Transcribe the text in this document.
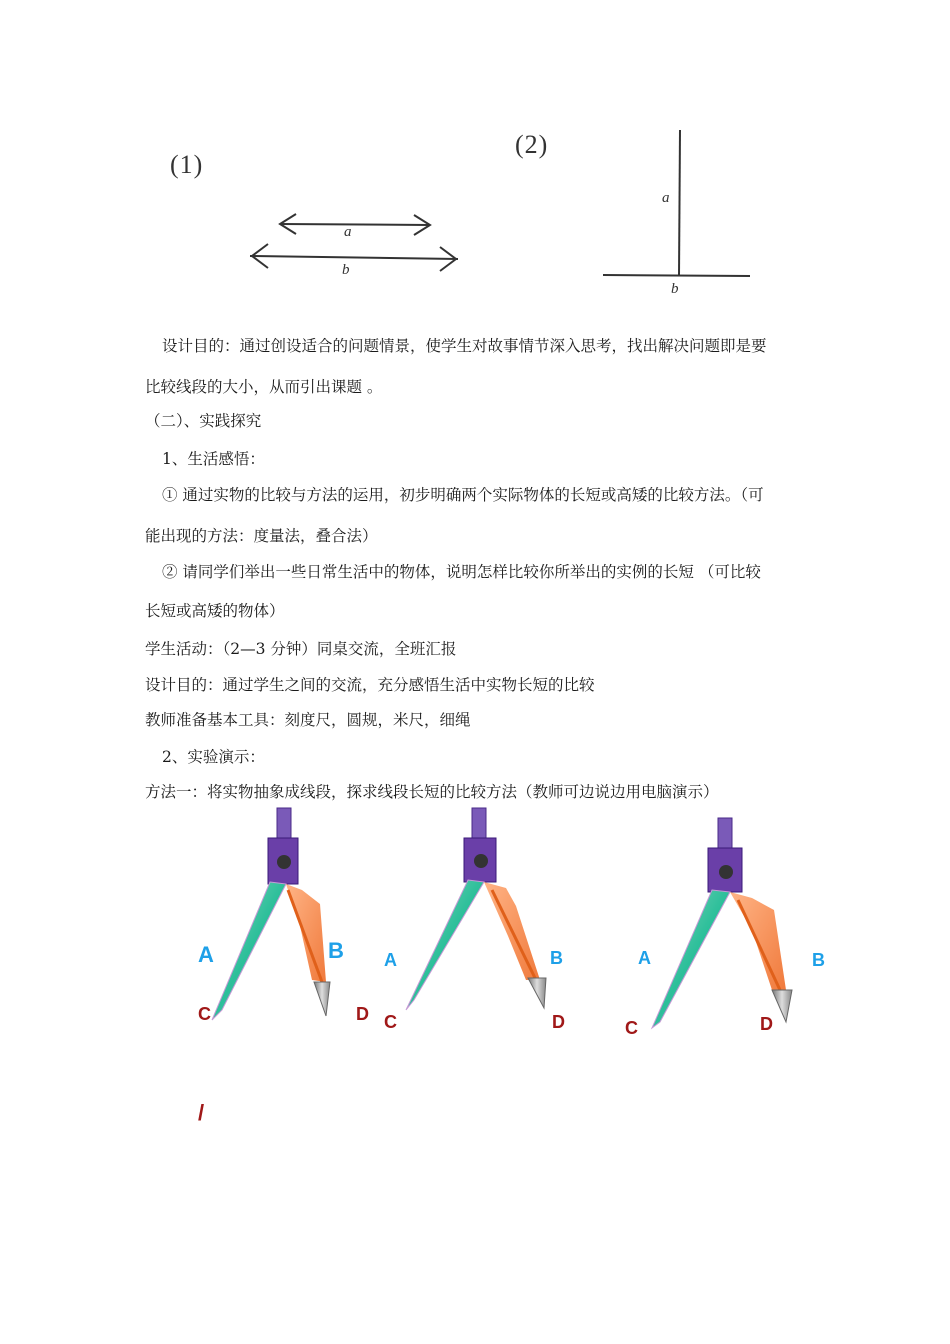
(1)
a
b
(2)
a
b
设计目的：通过创设适合的问题情景，使学生对故事情节深入思考，找出解决问题即是要
比较线段的大小，从而引出课题 。
（二）、实践探究
1、生活感悟：
① 通过实物的比较与方法的运用，初步明确两个实际物体的长短或高矮的比较方法。（可
能出现的方法：度量法，叠合法）
② 请同学们举出一些日常生活中的物体，说明怎样比较你所举出的实例的长短 （可比较
长短或高矮的物体）
学生活动：（2—3 分钟）同桌交流，全班汇报
设计目的：通过学生之间的交流，充分感悟生活中实物长短的比较
教师准备基本工具：刻度尺，圆规，米尺，细绳
2、实验演示：
方法一：将实物抽象成线段，探求线段长短的比较方法（教师可边说边用电脑演示）
A	B
C	D
A	B
C	D
A	B
C	D
/
